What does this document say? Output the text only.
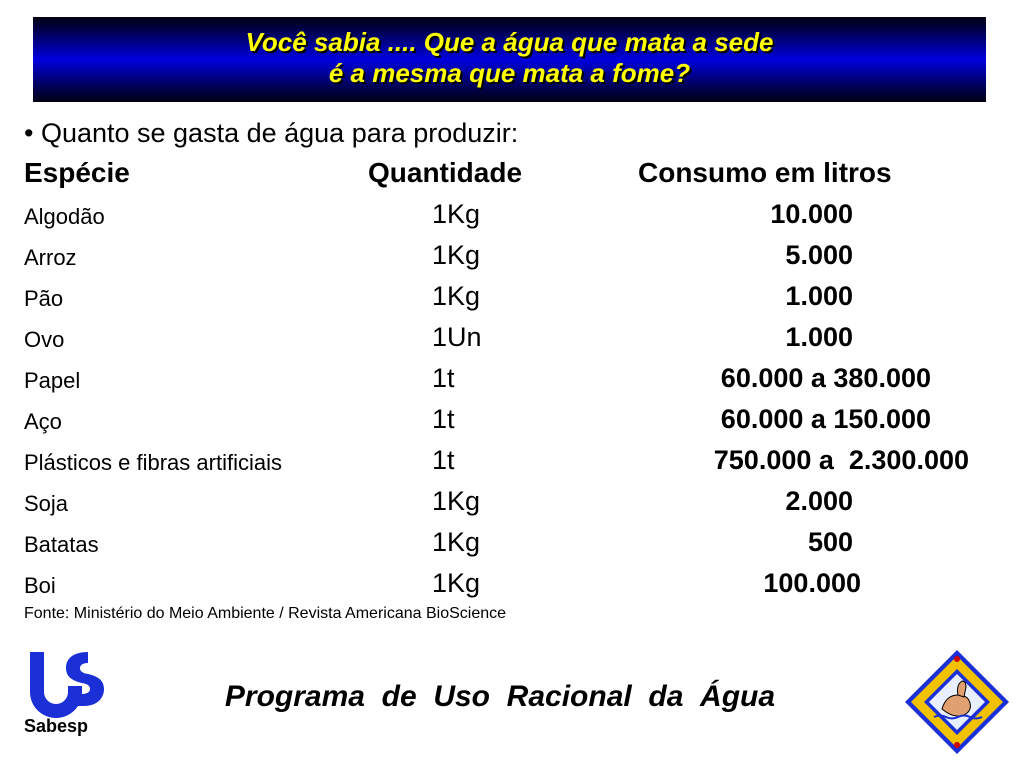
Você sabia .... Que a água que mata a sede
é a mesma que mata a fome?
• Quanto se gasta de água para produzir:
Espécie	Quantidade	Consumo em litros
Algodão	1Kg	10.000
Arroz	1Kg	5.000
Pão	1Kg	1.000
Ovo	1Un	1.000
Papel	1t	60.000 a 380.000
Aço	1t	60.000 a 150.000
Plásticos e fibras artificiais	1t	750.000 a  2.300.000
Soja	1Kg	2.000
Batatas	1Kg	500
Boi	1Kg	100.000
Fonte: Ministério do Meio Ambiente / Revista Americana BioScience
Sabesp
Programa  de  Uso  Racional  da  Água
